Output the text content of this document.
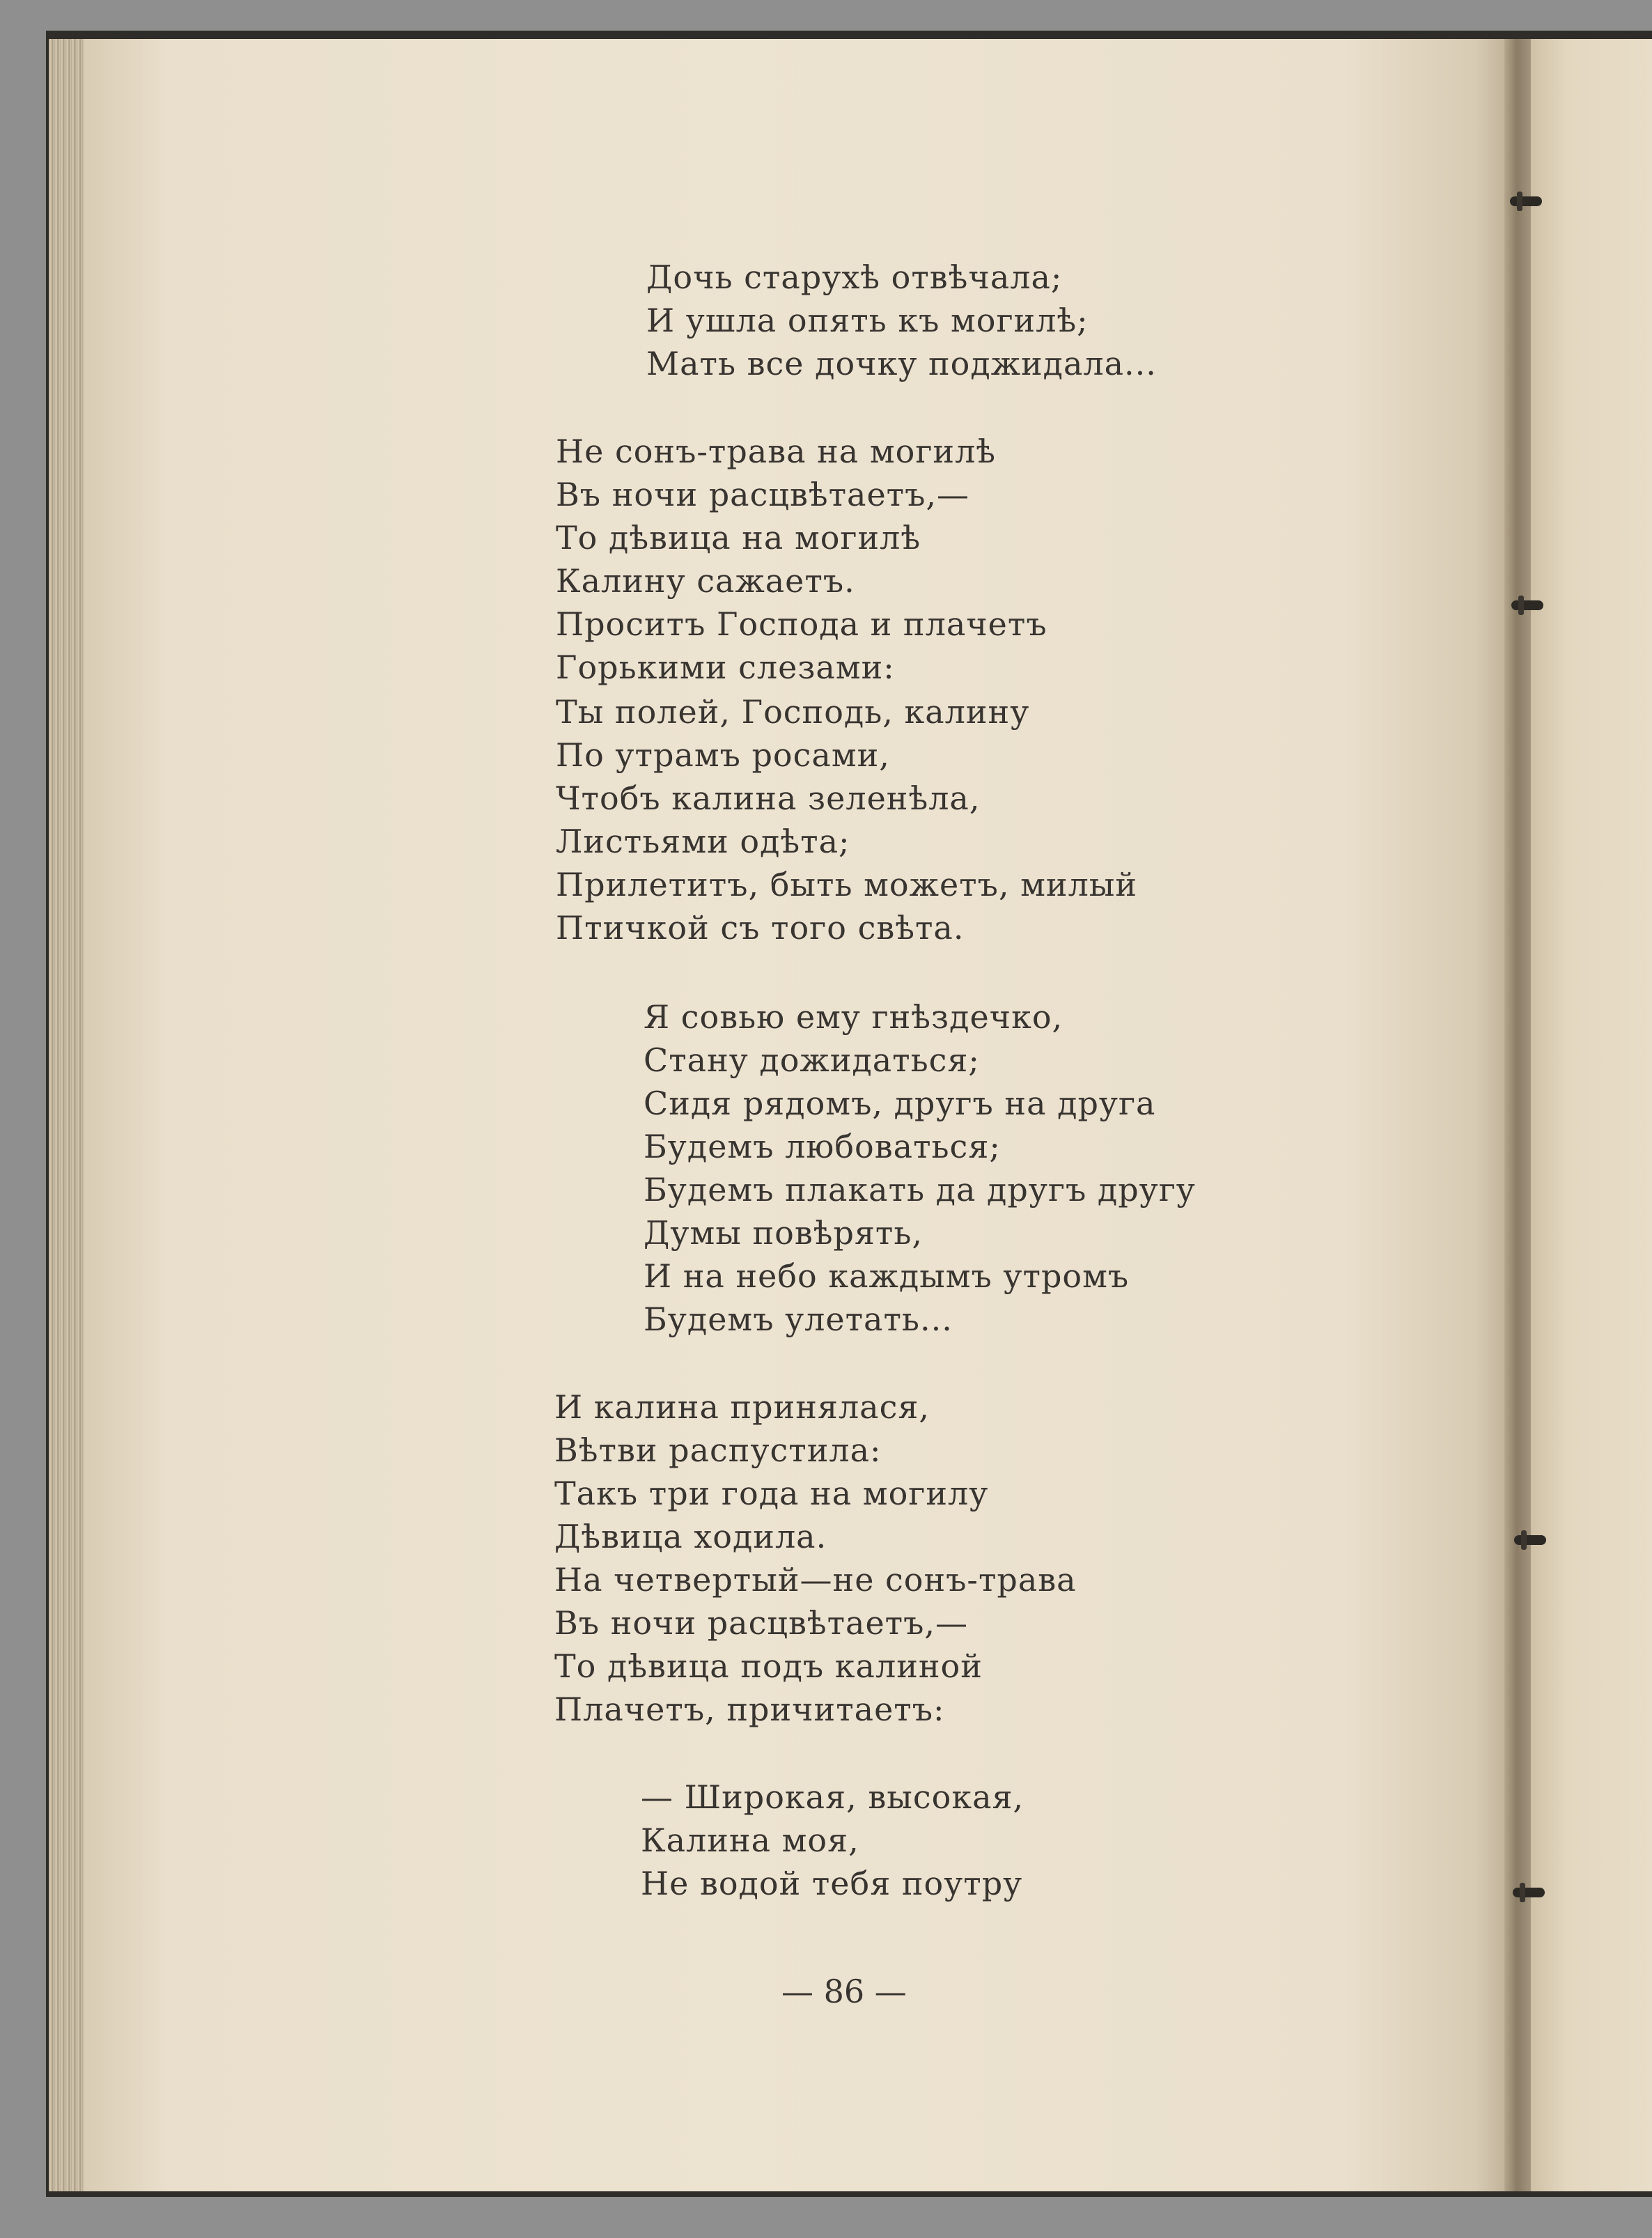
Дочь старухѣ отвѣчала;
И ушла опять къ могилѣ;
Мать все дочку поджидала...
Не сонъ-трава на могилѣ
Въ ночи расцвѣтаетъ,—
То дѣвица на могилѣ
Калину сажаетъ.
Проситъ Господа и плачетъ
Горькими слезами:
Ты полей, Господь, калину
По утрамъ росами,
Чтобъ калина зеленѣла,
Листьями одѣта;
Прилетитъ, быть можетъ, милый
Птичкой съ того свѣта.
Я совью ему гнѣздечко,
Стану дожидаться;
Сидя рядомъ, другъ на друга
Будемъ любоваться;
Будемъ плакать да другъ другу
Думы повѣрять,
И на небо каждымъ утромъ
Будемъ улетать...
И калина принялася,
Вѣтви распустила:
Такъ три года на могилу
Дѣвица ходила.
На четвертый—не сонъ-трава
Въ ночи расцвѣтаетъ,—
То дѣвица подъ калиной
Плачетъ, причитаетъ:
— Широкая, высокая,
Калина моя,
Не водой тебя поутру
— 86 —
